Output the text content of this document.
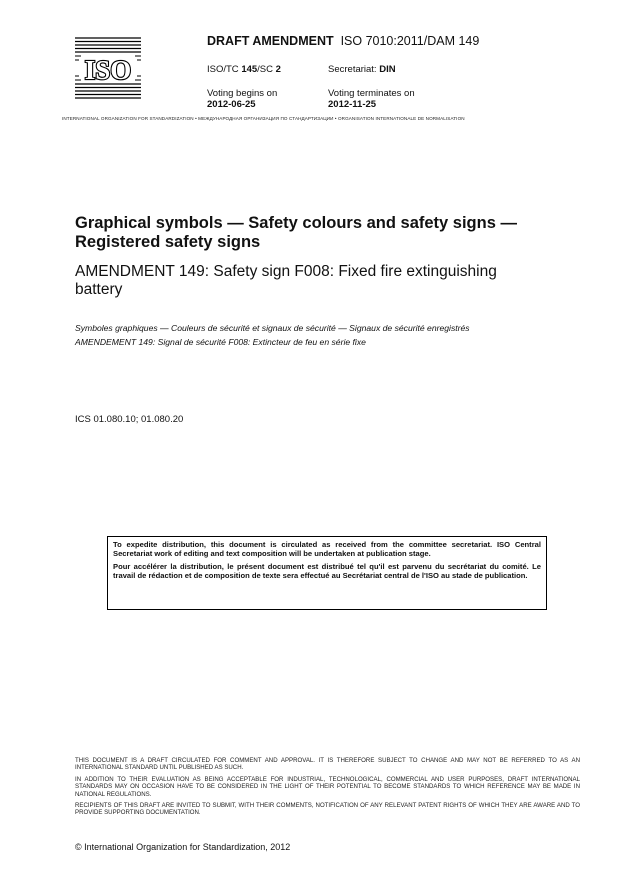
ISO
DRAFT AMENDMENT ISO 7010:2011/DAM 149
ISO/TC 145/SC 2	Secretariat: DIN
Voting begins on
2012-06-25
Voting terminates on
2012-11-25
INTERNATIONAL ORGANIZATION FOR STANDARDIZATION • МЕЖДУНАРОДНАЯ ОРГАНИЗАЦИЯ ПО СТАНДАРТИЗАЦИИ • ORGANISATION INTERNATIONALE DE NORMALISATION
Graphical symbols — Safety colours and safety signs —
Registered safety signs
AMENDMENT 149: Safety sign F008: Fixed fire extinguishing
battery
Symboles graphiques — Couleurs de sécurité et signaux de sécurité — Signaux de sécurité enregistrés
AMENDEMENT 149: Signal de sécurité F008: Extincteur de feu en série fixe
ICS 01.080.10; 01.080.20

To expedite distribution, this document is circulated as received from the committee secretariat. ISO Central Secretariat work of editing and text composition will be undertaken at publication stage.

Pour accélérer la distribution, le présent document est distribué tel qu'il est parvenu du secrétariat du comité. Le travail de rédaction et de composition de texte sera effectué au Secrétariat central de l'ISO au stade de publication.

THIS DOCUMENT IS A DRAFT CIRCULATED FOR COMMENT AND APPROVAL. IT IS THEREFORE SUBJECT TO CHANGE AND MAY NOT BE REFERRED TO AS AN INTERNATIONAL STANDARD UNTIL PUBLISHED AS SUCH.

IN ADDITION TO THEIR EVALUATION AS BEING ACCEPTABLE FOR INDUSTRIAL, TECHNOLOGICAL, COMMERCIAL AND USER PURPOSES, DRAFT INTERNATIONAL STANDARDS MAY ON OCCASION HAVE TO BE CONSIDERED IN THE LIGHT OF THEIR POTENTIAL TO BECOME STANDARDS TO WHICH REFERENCE MAY BE MADE IN NATIONAL REGULATIONS.

RECIPIENTS OF THIS DRAFT ARE INVITED TO SUBMIT, WITH THEIR COMMENTS, NOTIFICATION OF ANY RELEVANT PATENT RIGHTS OF WHICH THEY ARE AWARE AND TO PROVIDE SUPPORTING DOCUMENTATION.

© International Organization for Standardization, 2012
